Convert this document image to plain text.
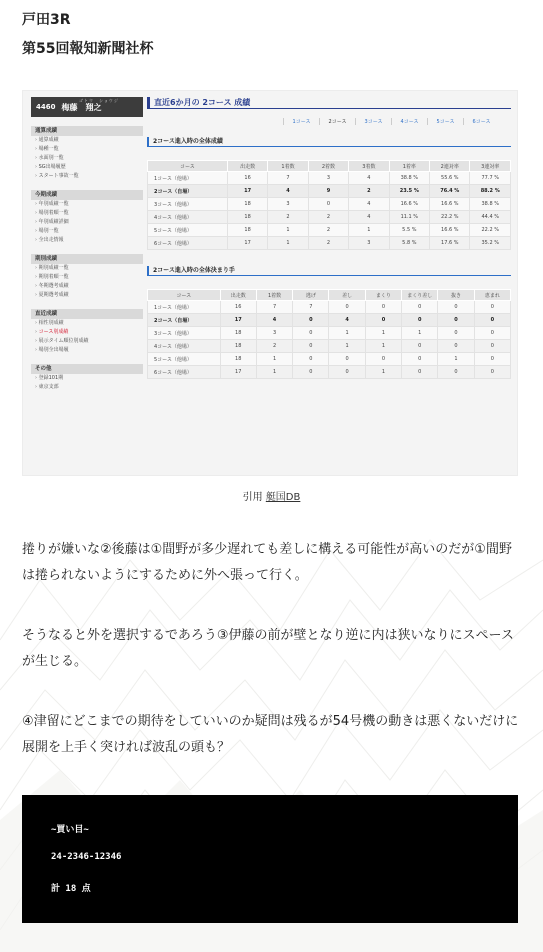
戸田3R
第55回報知新聞社杯
4460 梅藤　翔之
ゴトウ　ショウジ
通算成績
› 通算成績
› 場種一覧
› 水面別一覧
› SG出場履歴
› スタート事故一覧
今期成績
› 年別成績一覧
› 場別着順一覧
› 年別成績詳細
› 場別一覧
› 全出走情報
期別成績
› 期別成績一覧
› 期別着順一覧
› 冬期選考成績
› 夏期選考成績
直近成績
› 相性別成績
› コース別成績
› 展示タイム順位別成績
› 場別全出場履
その他
› 登録101期
› 東京支部
直近6か月の 2コース 成績
1コース	2コース	3コース	4コース	5コース	6コース
2コース進入時の全体成績
コース	出走数	1着数	2着数	3着数	1着率	2連対率	3連対率
1コース（他場）	16	7	3	4	38.8 %	55.6 %	77.7 %
2コース（自場）	17	4	9	2	23.5 %	76.4 %	88.2 %
3コース（他場）	18	3	0	4	16.6 %	16.6 %	38.8 %
4コース（他場）	18	2	2	4	11.1 %	22.2 %	44.4 %
5コース（他場）	18	1	2	1	5.5 %	16.6 %	22.2 %
6コース（他場）	17	1	2	3	5.8 %	17.6 %	35.2 %
2コース進入時の全体決まり手
コース	出走数	1着数	逃げ	差し	まくり	まくり差し	抜き	恵まれ
1コース（他場）	16	7	7	0	0	0	0	0
2コース（自場）	17	4	0	4	0	0	0	0
3コース（他場）	18	3	0	1	1	1	0	0
4コース（他場）	18	2	0	1	1	0	0	0
5コース（他場）	18	1	0	0	0	0	1	0
6コース（他場）	17	1	0	0	1	0	0	0
引用 艇国DB

捲りが嫌いな②後藤は①間野が多少遅れても差しに構える可能性が高いのだが①間野は捲られないようにするために外へ張って行く。

そうなると外を選択するであろう③伊藤の前が壁となり逆に内は狭いなりにスペースが生じる。

④津留にどこまでの期待をしていいのか疑問は残るが54号機の動きは悪くないだけに展開を上手く突ければ波乱の頭も？

~買い目~
24-2346-12346
計 18 点
